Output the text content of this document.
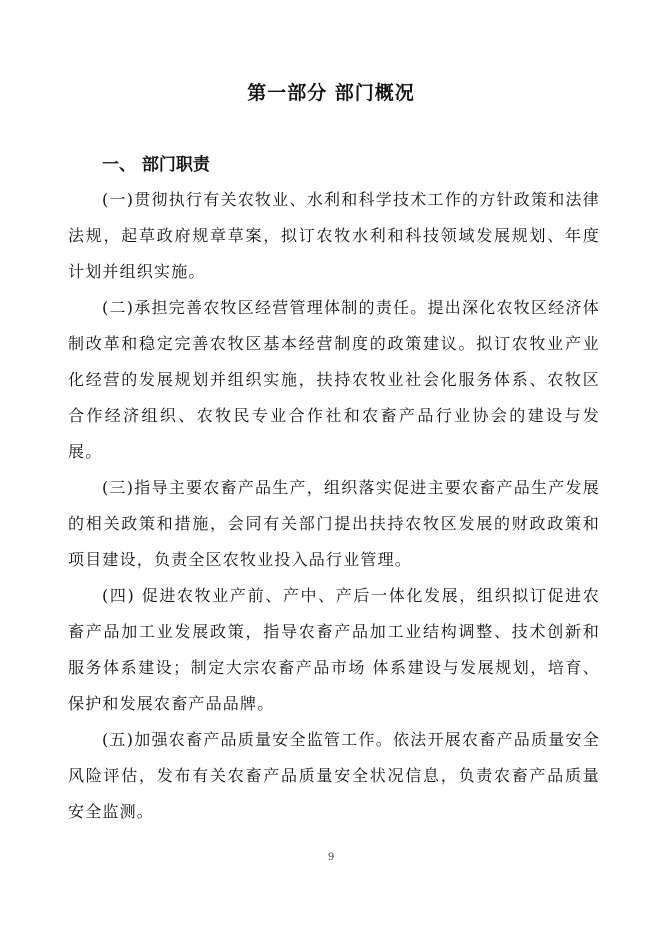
第一部分 部门概况
一、 部门职责

(一)贯彻执行有关农牧业、水利和科学技术工作的方针政策和法律法规，起草政府规章草案，拟订农牧水利和科技领域发展规划、年度计划并组织实施。

(二)承担完善农牧区经营管理体制的责任。提出深化农牧区经济体制改革和稳定完善农牧区基本经营制度的政策建议。拟订农牧业产业化经营的发展规划并组织实施，扶持农牧业社会化服务体系、农牧区合作经济组织、农牧民专业合作社和农畜产品行业协会的建设与发展。

(三)指导主要农畜产品生产，组织落实促进主要农畜产品生产发展的相关政策和措施，会同有关部门提出扶持农牧区发展的财政政策和项目建设，负责全区农牧业投入品行业管理。

(四) 促进农牧业产前、产中、产后一体化发展，组织拟订促进农畜产品加工业发展政策，指导农畜产品加工业结构调整、技术创新和服务体系建设；制定大宗农畜产品市场 体系建设与发展规划，培育、保护和发展农畜产品品牌。

(五)加强农畜产品质量安全监管工作。依法开展农畜产品质量安全风险评估，发布有关农畜产品质量安全状况信息，负责农畜产品质量安全监测。

9
